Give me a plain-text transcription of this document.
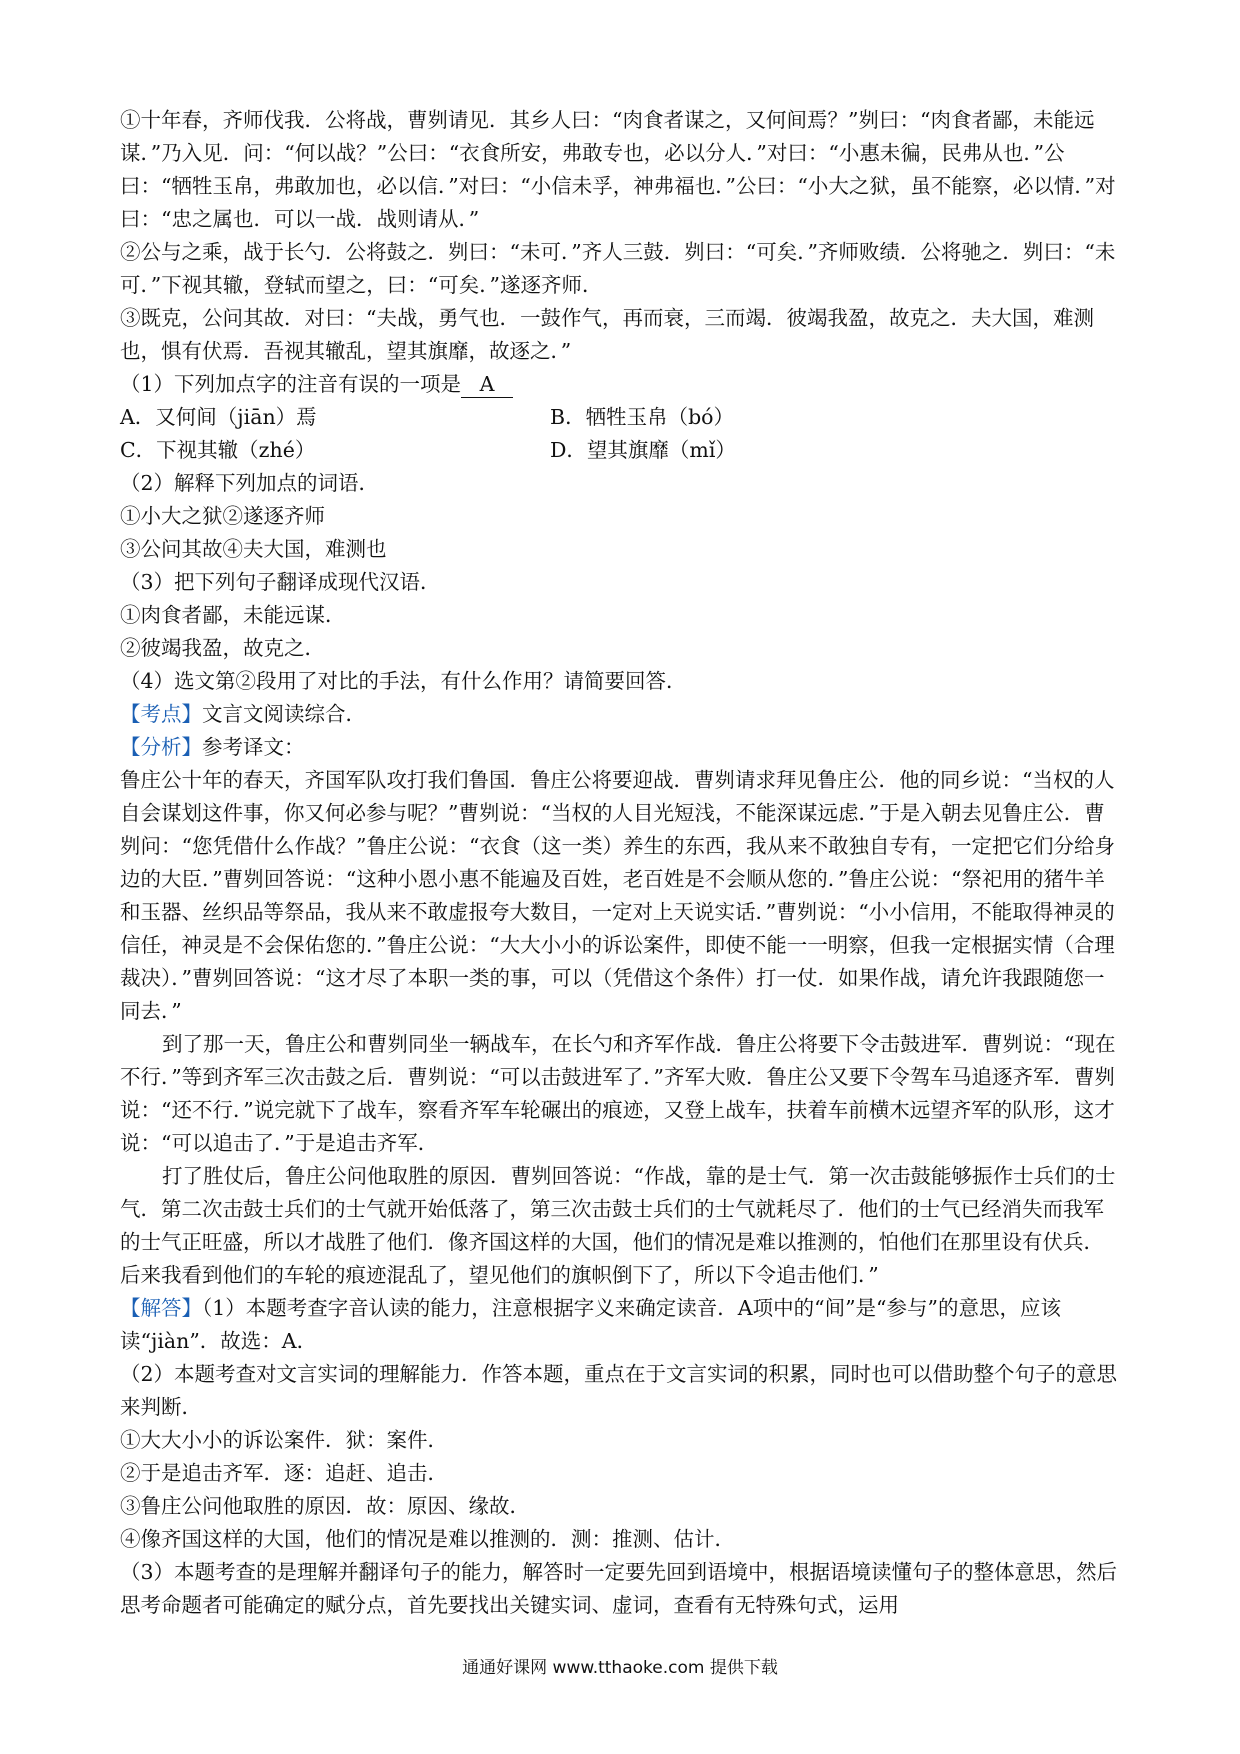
①十年春，齐师伐我．公将战，曹刿请见．其乡人曰：“肉食者谋之，又何间焉？”刿曰：“肉食者鄙，未能远谋．”乃入见．问：“何以战？”公曰：“衣食所安，弗敢专也，必以分人．”对曰：“小惠未徧，民弗从也．”公曰：“牺牲玉帛，弗敢加也，必以信．”对曰：“小信未孚，神弗福也．”公曰：“小大之狱，虽不能察，必以情．”对曰：“忠之属也．可以一战．战则请从．”

②公与之乘，战于长勺．公将鼓之．刿曰：“未可．”齐人三鼓．刿曰：“可矣．”齐师败绩．公将驰之．刿曰：“未可．”下视其辙，登轼而望之，曰：“可矣．”遂逐齐师．

③既克，公问其故．对曰：“夫战，勇气也．一鼓作气，再而衰，三而竭．彼竭我盈，故克之．夫大国，难测也，惧有伏焉．吾视其辙乱，望其旗靡，故逐之．”

（1）下列加点字的注音有误的一项是 A

A．又何间（jiān）焉	B．牺牲玉帛（bó）
C．下视其辙（zhé）	D．望其旗靡（mǐ）

（2）解释下列加点的词语．

①小大之狱②遂逐齐师

③公问其故④夫大国，难测也

（3）把下列句子翻译成现代汉语．

①肉食者鄙，未能远谋．

②彼竭我盈，故克之．

（4）选文第②段用了对比的手法，有什么作用？请简要回答．

【考点】文言文阅读综合．

【分析】参考译文：

鲁庄公十年的春天，齐国军队攻打我们鲁国．鲁庄公将要迎战．曹刿请求拜见鲁庄公．他的同乡说：“当权的人自会谋划这件事，你又何必参与呢？”曹刿说：“当权的人目光短浅，不能深谋远虑．”于是入朝去见鲁庄公．曹刿问：“您凭借什么作战？”鲁庄公说：“衣食（这一类）养生的东西，我从来不敢独自专有，一定把它们分给身边的大臣．”曹刿回答说：“这种小恩小惠不能遍及百姓，老百姓是不会顺从您的．”鲁庄公说：“祭祀用的猪牛羊和玉器、丝织品等祭品，我从来不敢虚报夸大数目，一定对上天说实话．”曹刿说：“小小信用，不能取得神灵的信任，神灵是不会保佑您的．”鲁庄公说：“大大小小的诉讼案件，即使不能一一明察，但我一定根据实情（合理裁决）．”曹刿回答说：“这才尽了本职一类的事，可以（凭借这个条件）打一仗．如果作战，请允许我跟随您一同去．”

到了那一天，鲁庄公和曹刿同坐一辆战车，在长勺和齐军作战．鲁庄公将要下令击鼓进军．曹刿说：“现在不行．”等到齐军三次击鼓之后．曹刿说：“可以击鼓进军了．”齐军大败．鲁庄公又要下令驾车马追逐齐军．曹刿说：“还不行．”说完就下了战车，察看齐军车轮碾出的痕迹，又登上战车，扶着车前横木远望齐军的队形，这才说：“可以追击了．”于是追击齐军．

打了胜仗后，鲁庄公问他取胜的原因．曹刿回答说：“作战，靠的是士气．第一次击鼓能够振作士兵们的士气．第二次击鼓士兵们的士气就开始低落了，第三次击鼓士兵们的士气就耗尽了．他们的士气已经消失而我军的士气正旺盛，所以才战胜了他们．像齐国这样的大国，他们的情况是难以推测的，怕他们在那里设有伏兵．后来我看到他们的车轮的痕迹混乱了，望见他们的旗帜倒下了，所以下令追击他们．”

【解答】（1）本题考查字音认读的能力，注意根据字义来确定读音．A项中的“间”是“参与”的意思，应该读“jiàn”．故选：A．

（2）本题考查对文言实词的理解能力．作答本题，重点在于文言实词的积累，同时也可以借助整个句子的意思来判断．

①大大小小的诉讼案件．狱：案件．

②于是追击齐军．逐：追赶、追击．

③鲁庄公问他取胜的原因．故：原因、缘故．

④像齐国这样的大国，他们的情况是难以推测的．测：推测、估计．

（3）本题考查的是理解并翻译句子的能力，解答时一定要先回到语境中，根据语境读懂句子的整体意思，然后思考命题者可能确定的赋分点，首先要找出关键实词、虚词，查看有无特殊句式，运用

通通好课网 www.tthaoke.com 提供下载
